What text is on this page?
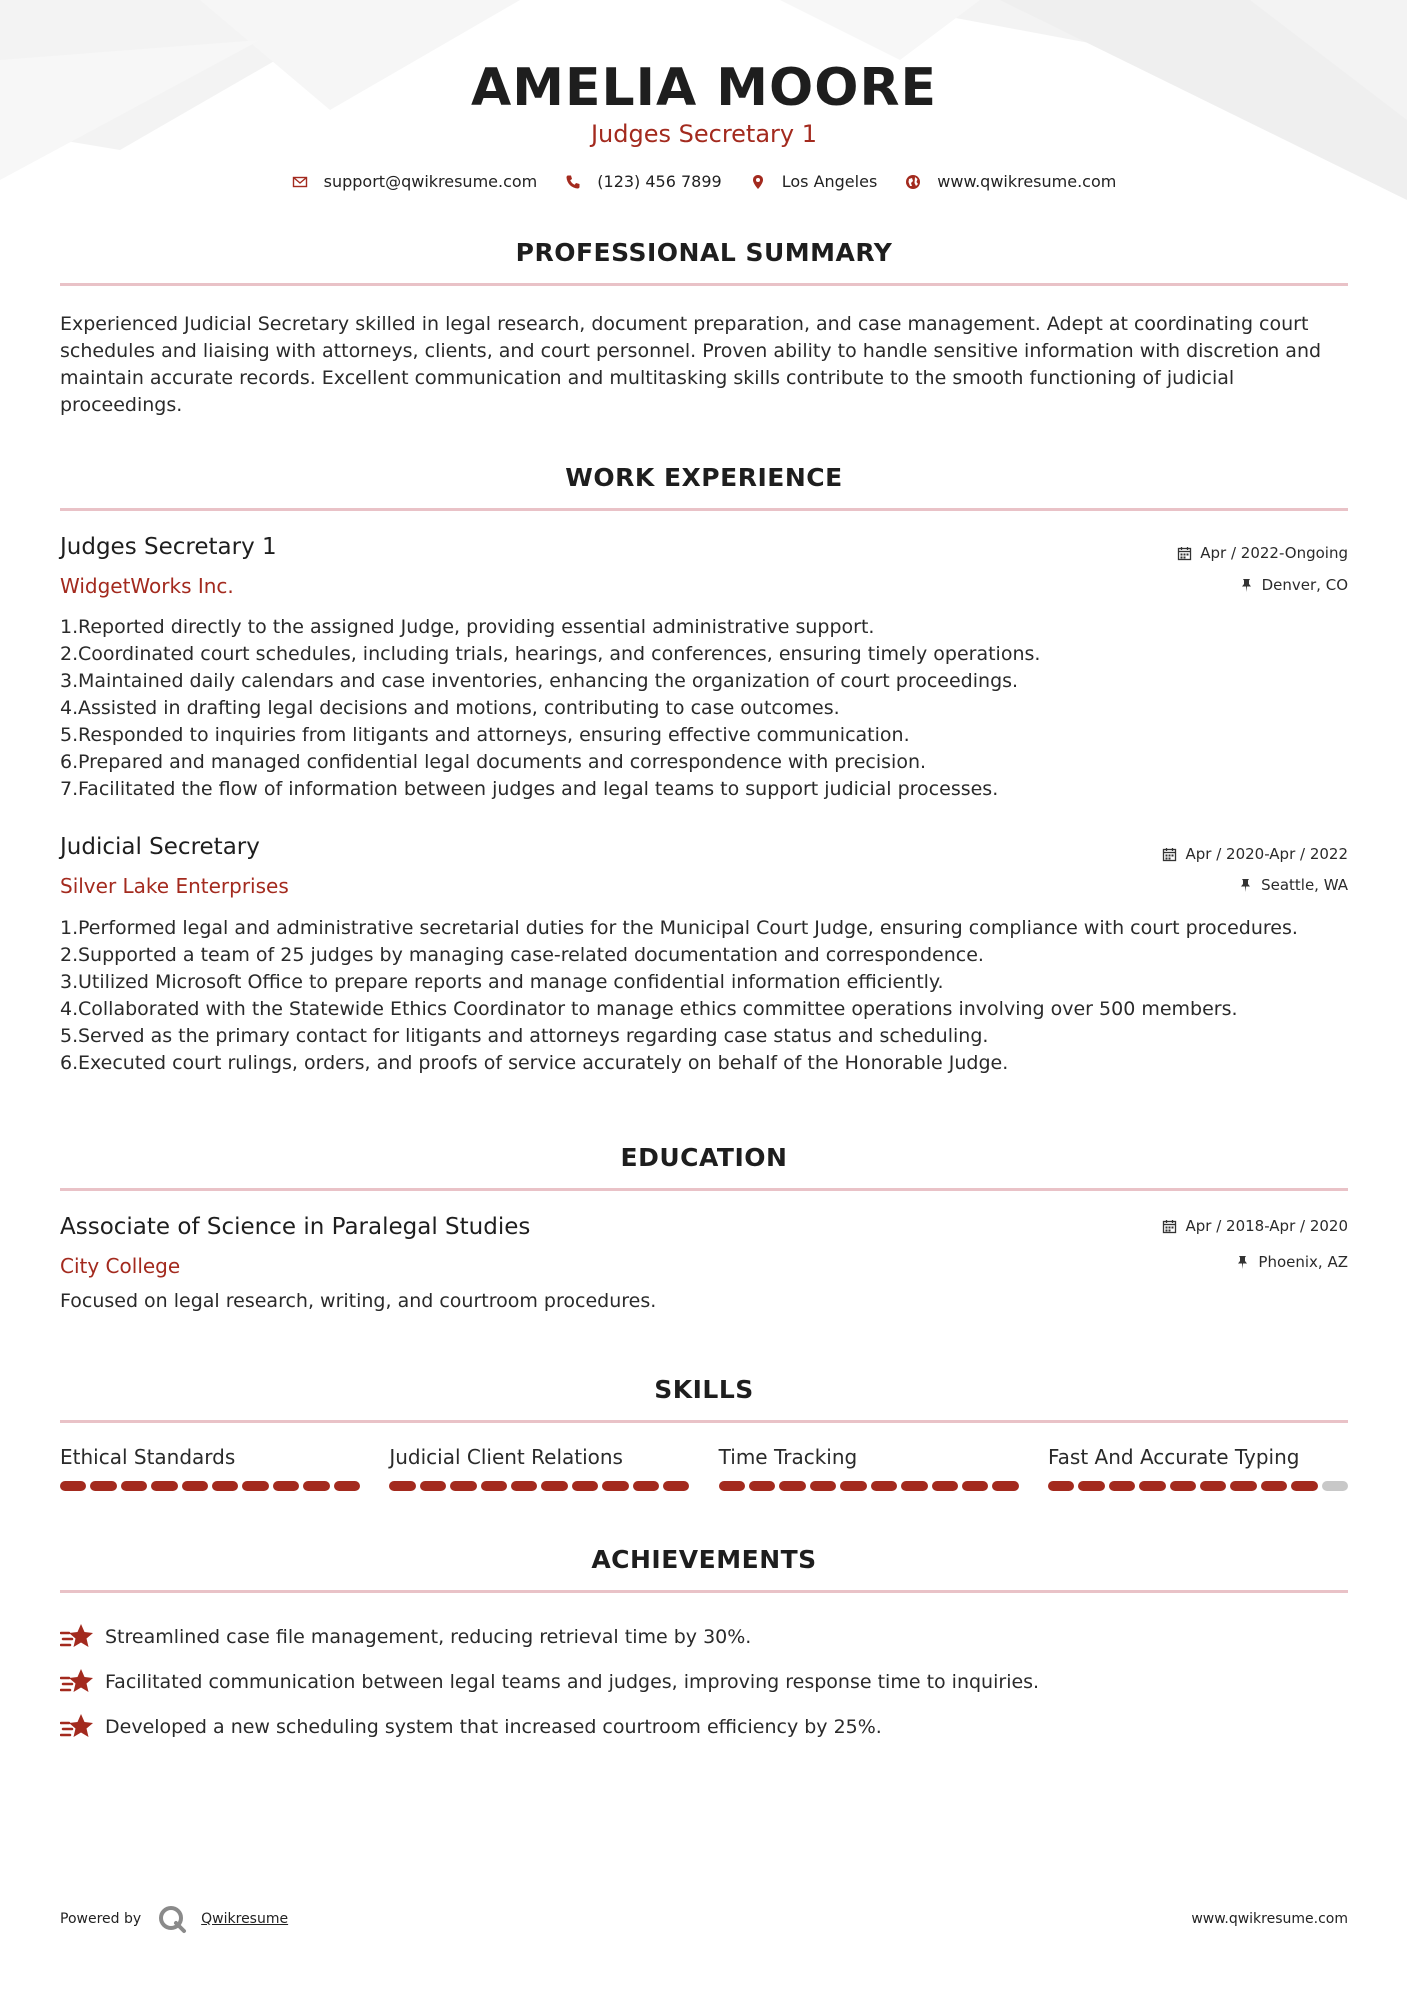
AMELIA MOORE
Judges Secretary 1
support@qwikresume.com	(123) 456 7899	Los Angeles	www.qwikresume.com
PROFESSIONAL SUMMARY
Experienced Judicial Secretary skilled in legal research, document preparation, and case management. Adept at coordinating court schedules and liaising with attorneys, clients, and court personnel. Proven ability to handle sensitive information with discretion and maintain accurate records. Excellent communication and multitasking skills contribute to the smooth functioning of judicial proceedings.
WORK EXPERIENCE
Judges Secretary 1
WidgetWorks Inc.
Apr / 2022-Ongoing
Denver, CO
1. Reported directly to the assigned Judge, providing essential administrative support.
2. Coordinated court schedules, including trials, hearings, and conferences, ensuring timely operations.
3. Maintained daily calendars and case inventories, enhancing the organization of court proceedings.
4. Assisted in drafting legal decisions and motions, contributing to case outcomes.
5. Responded to inquiries from litigants and attorneys, ensuring effective communication.
6. Prepared and managed confidential legal documents and correspondence with precision.
7. Facilitated the flow of information between judges and legal teams to support judicial processes.
Judicial Secretary
Silver Lake Enterprises
Apr / 2020-Apr / 2022
Seattle, WA
1. Performed legal and administrative secretarial duties for the Municipal Court Judge, ensuring compliance with court procedures.
2. Supported a team of 25 judges by managing case-related documentation and correspondence.
3. Utilized Microsoft Office to prepare reports and manage confidential information efficiently.
4. Collaborated with the Statewide Ethics Coordinator to manage ethics committee operations involving over 500 members.
5. Served as the primary contact for litigants and attorneys regarding case status and scheduling.
6. Executed court rulings, orders, and proofs of service accurately on behalf of the Honorable Judge.
EDUCATION
Associate of Science in Paralegal Studies
City College
Apr / 2018-Apr / 2020
Phoenix, AZ
Focused on legal research, writing, and courtroom procedures.
SKILLS
Ethical Standards	Judicial Client Relations	Time Tracking	Fast And Accurate Typing
ACHIEVEMENTS
Streamlined case file management, reducing retrieval time by 30%.
Facilitated communication between legal teams and judges, improving response time to inquiries.
Developed a new scheduling system that increased courtroom efficiency by 25%.
Powered by	Qwikresume	www.qwikresume.com
